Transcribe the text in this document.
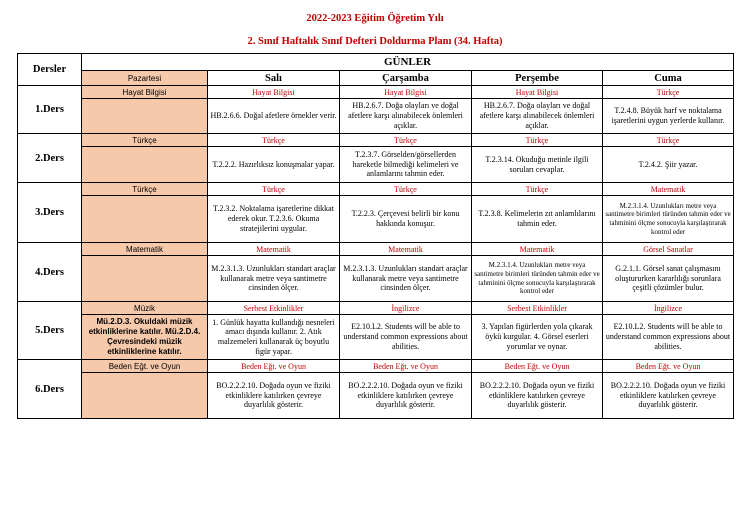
2022-2023 Eğitim Öğretim Yılı
2. Sınıf Haftalık Sınıf Defteri Doldurma Planı (34. Hafta)
Dersler	GÜNLER				
	Pazartesi	Salı	Çarşamba	Perşembe	Cuma
1.Ders	Hayat Bilgisi	Hayat Bilgisi	Hayat Bilgisi	Hayat Bilgisi	Türkçe
		HB.2.6.6. Doğal afetlere örnekler verir.	HB.2.6.7. Doğa olayları ve doğal afetlere karşı alınabilecek önlemleri açıklar.	HB.2.6.7. Doğa olayları ve doğal afetlere karşı alınabilecek önlemleri açıklar.	T.2.4.8. Büyük harf ve noktalama işaretlerini uygun yerlerde kullanır.
2.Ders	Türkçe	Türkçe	Türkçe	Türkçe	Türkçe
		T.2.2.2. Hazırlıksız konuşmalar yapar.	T.2.3.7. Görselden/görsellerden hareketle bilmediği kelimeleri ve anlamlarını tahmin eder.	T.2.3.14. Okuduğu metinle ilgili soruları cevaplar.	T.2.4.2. Şiir yazar.
3.Ders	Türkçe	Türkçe	Türkçe	Türkçe	Matematik
		T.2.3.2. Noktalama işaretlerine dikkat ederek okur. T.2.3.6. Okuma stratejilerini uygular.	T.2.2.3. Çerçevesi belirli bir konu hakkında konuşur.	T.2.3.8. Kelimelerin zıt anlamlılarını tahmin eder.	M.2.3.1.4. Uzunlukları metre veya santimetre birimleri türünden tahmin eder ve tahminini ölçme sonucuyla karşılaştırarak kontrol eder
4.Ders	Matematik	Matematik	Matematik	Matematik	Görsel Sanatlar
		M.2.3.1.3. Uzunlukları standart araçlar kullanarak metre veya santimetre cinsinden ölçer.	M.2.3.1.3. Uzunlukları standart araçlar kullanarak metre veya santimetre cinsinden ölçer.	M.2.3.1.4. Uzunlukları metre veya santimetre birimleri türünden tahmin eder ve tahminini ölçme sonucuyla karşılaştırarak kontrol eder	G.2.1.1. Görsel sanat çalışmasını oluştururken kararlılığı sorunlara çeşitli çözümler bulur.
5.Ders	Müzik	Serbest Etkinlikler	İngilizce	Serbest Etkinlikler	İngilizce
	Mü.2.D.3. Okuldaki müzik etkinliklerine katılır. Mü.2.D.4. Çevresindeki müzik etkinliklerine katılır.	1. Günlük hayatta kullandığı nesneleri amacı dışında kullanır. 2. Atık malzemeleri kullanarak üç boyutlu figür yapar.	E2.10.L2. Students will be able to understand common expressions about abilities.	3. Yapılan figürlerden yola çıkarak öykü kurgular. 4. Görsel eserleri yorumlar ve oynar.	E2.10.L2. Students will be able to understand common expressions about abilities.
6.Ders	Beden Eğt. ve Oyun	Beden Eğt. ve Oyun	Beden Eğt. ve Oyun	Beden Eğt. ve Oyun	Beden Eğt. ve Oyun
		BO.2.2.2.10. Doğada oyun ve fiziki etkinliklere katılırken çevreye duyarlılık gösterir.	BO.2.2.2.10. Doğada oyun ve fiziki etkinliklere katılırken çevreye duyarlılık gösterir.	BO.2.2.2.10. Doğada oyun ve fiziki etkinliklere katılırken çevreye duyarlılık gösterir.	BO.2.2.2.10. Doğada oyun ve fiziki etkinliklere katılırken çevreye duyarlılık gösterir.
